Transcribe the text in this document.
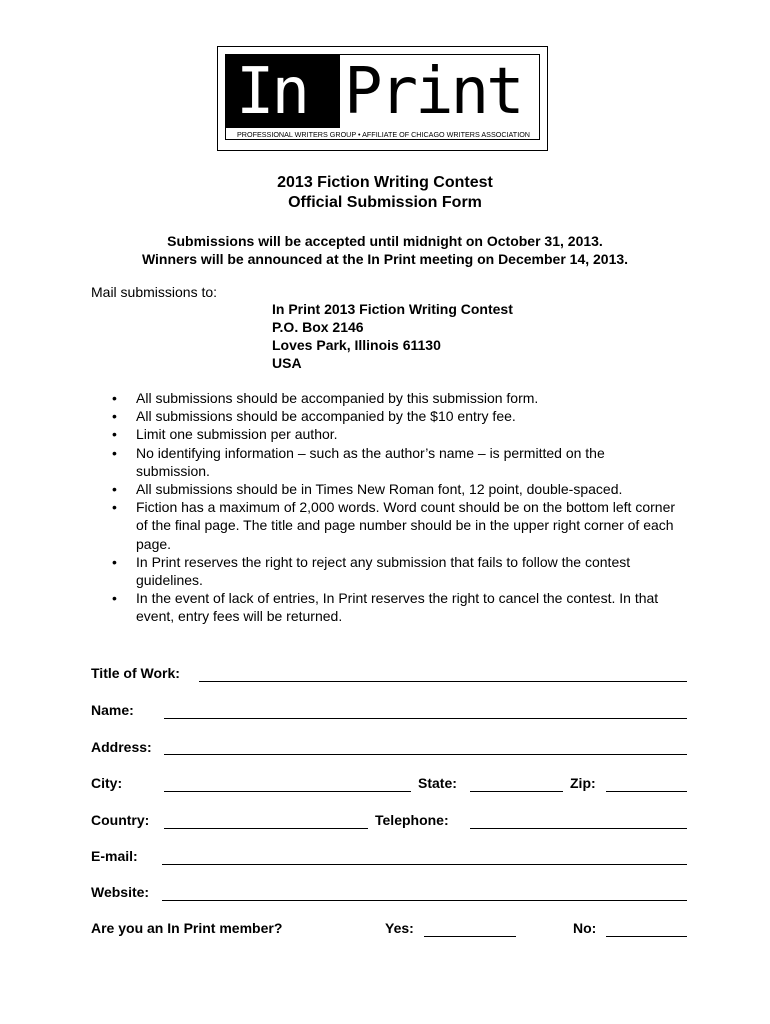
In Print
PROFESSIONAL WRITERS GROUP • AFFILIATE OF CHICAGO WRITERS ASSOCIATION
2013 Fiction Writing Contest
Official Submission Form
Submissions will be accepted until midnight on October 31, 2013.
Winners will be announced at the In Print meeting on December 14, 2013.
Mail submissions to:
In Print 2013 Fiction Writing Contest
P.O. Box 2146
Loves Park, Illinois 61130
USA
• All submissions should be accompanied by this submission form.
• All submissions should be accompanied by the $10 entry fee.
• Limit one submission per author.
• No identifying information – such as the author’s name – is permitted on the submission.
• All submissions should be in Times New Roman font, 12 point, double-spaced.
• Fiction has a maximum of 2,000 words. Word count should be on the bottom left corner of the final page. The title and page number should be in the upper right corner of each page.
• In Print reserves the right to reject any submission that fails to follow the contest guidelines.
• In the event of lack of entries, In Print reserves the right to cancel the contest. In that event, entry fees will be returned.
Title of Work:
Name:
Address:
City:	State:	Zip:
Country:	Telephone:
E-mail:
Website:
Are you an In Print member?	Yes:	No:
